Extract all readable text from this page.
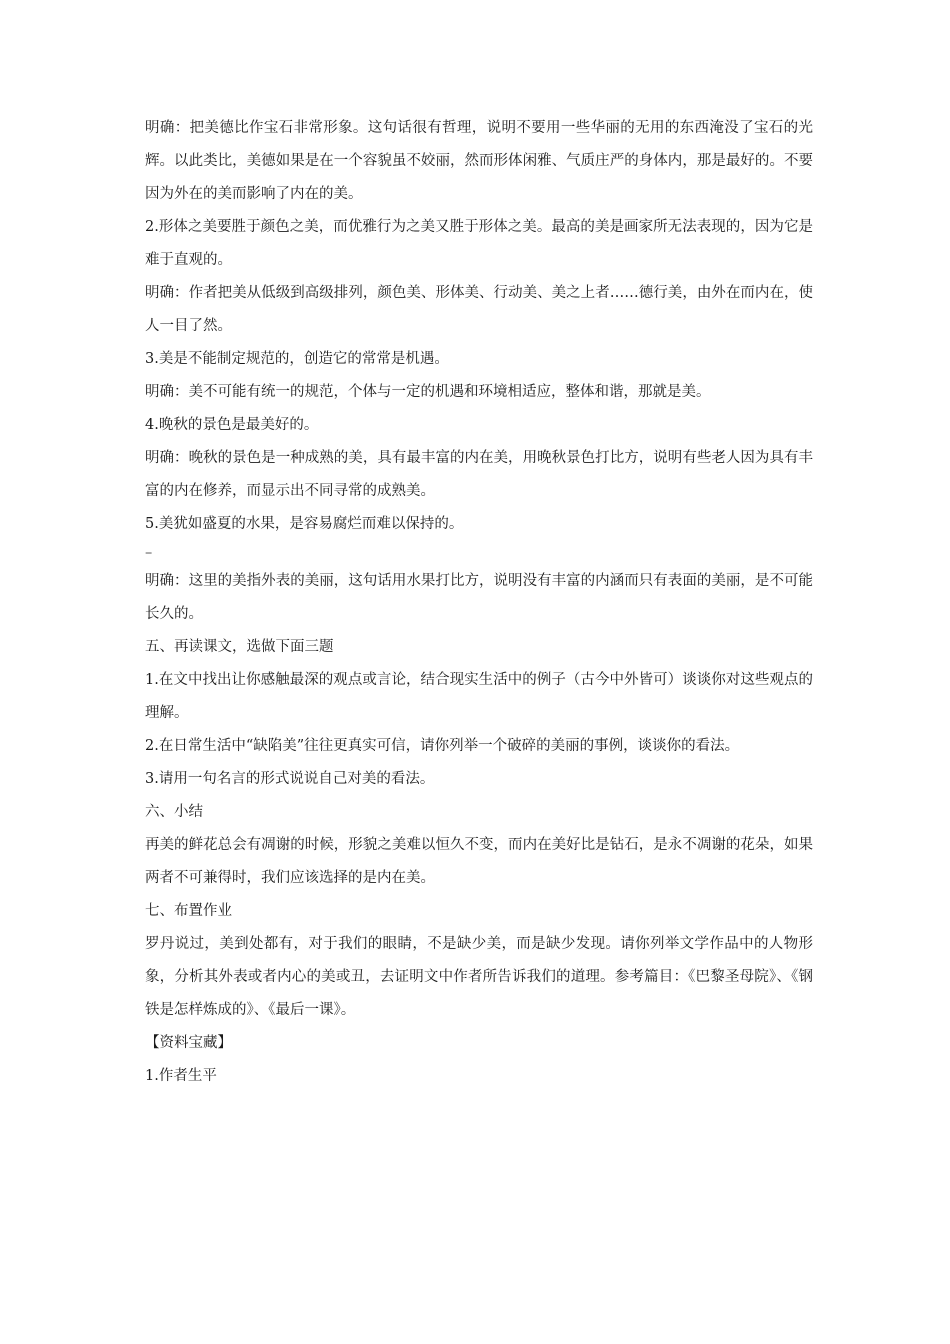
明确：把美德比作宝石非常形象。这句话很有哲理，说明不要用一些华丽的无用的东西淹没了宝石的光辉。以此类比，美德如果是在一个容貌虽不姣丽，然而形体闲雅、气质庄严的身体内，那是最好的。不要因为外在的美而影响了内在的美。

2.形体之美要胜于颜色之美，而优雅行为之美又胜于形体之美。最高的美是画家所无法表现的，因为它是难于直观的。

明确：作者把美从低级到高级排列，颜色美、形体美、行动美、美之上者……德行美，由外在而内在，使人一目了然。

3.美是不能制定规范的，创造它的常常是机遇。

明确：美不可能有统一的规范，个体与一定的机遇和环境相适应，整体和谐，那就是美。

4.晚秋的景色是最美好的。

明确：晚秋的景色是一种成熟的美，具有最丰富的内在美，用晚秋景色打比方，说明有些老人因为具有丰富的内在修养，而显示出不同寻常的成熟美。

5.美犹如盛夏的水果，是容易腐烂而难以保持的。

–

明确：这里的美指外表的美丽，这句话用水果打比方，说明没有丰富的内涵而只有表面的美丽，是不可能长久的。

五、再读课文，选做下面三题

1.在文中找出让你感触最深的观点或言论，结合现实生活中的例子（古今中外皆可）谈谈你对这些观点的理解。

2.在日常生活中“缺陷美”往往更真实可信，请你列举一个破碎的美丽的事例，谈谈你的看法。

3.请用一句名言的形式说说自己对美的看法。

六、小结

再美的鲜花总会有凋谢的时候，形貌之美难以恒久不变，而内在美好比是钻石，是永不凋谢的花朵，如果两者不可兼得时，我们应该选择的是内在美。

七、布置作业

罗丹说过，美到处都有，对于我们的眼睛，不是缺少美，而是缺少发现。请你列举文学作品中的人物形象，分析其外表或者内心的美或丑，去证明文中作者所告诉我们的道理。参考篇目：《巴黎圣母院》、《钢铁是怎样炼成的》、《最后一课》。

【资料宝藏】

1.作者生平
